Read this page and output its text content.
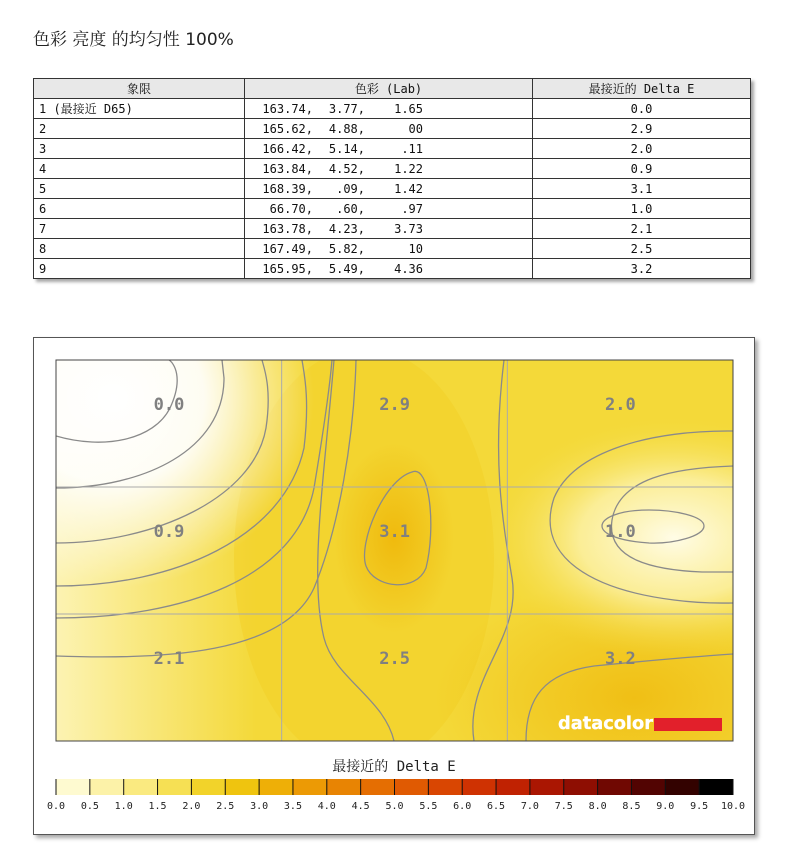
色彩 亮度 的均匀性 100%
象限	色彩 (Lab)	最接近的 Delta E
1 (最接近 D65)	163.74, 3.77, 1.65	0.0
2	165.62, 4.88, 00	2.9
3	166.42, 5.14, .11	2.0
4	163.84, 4.52, 1.22	0.9
5	168.39, .09, 1.42	3.1
6	66.70, .60, .97	1.0
7	163.78, 4.23, 3.73	2.1
8	167.49, 5.82, 10	2.5
9	165.95, 5.49, 4.36	3.2
0.0	2.9	2.0
0.9	3.1	1.0
2.1	2.5	3.2
datacolor
最接近的 Delta E
0.0 0.5 1.0 1.5 2.0 2.5 3.0 3.5 4.0 4.5 5.0 5.5 6.0 6.5 7.0 7.5 8.0 8.5 9.0 9.5 10.0
